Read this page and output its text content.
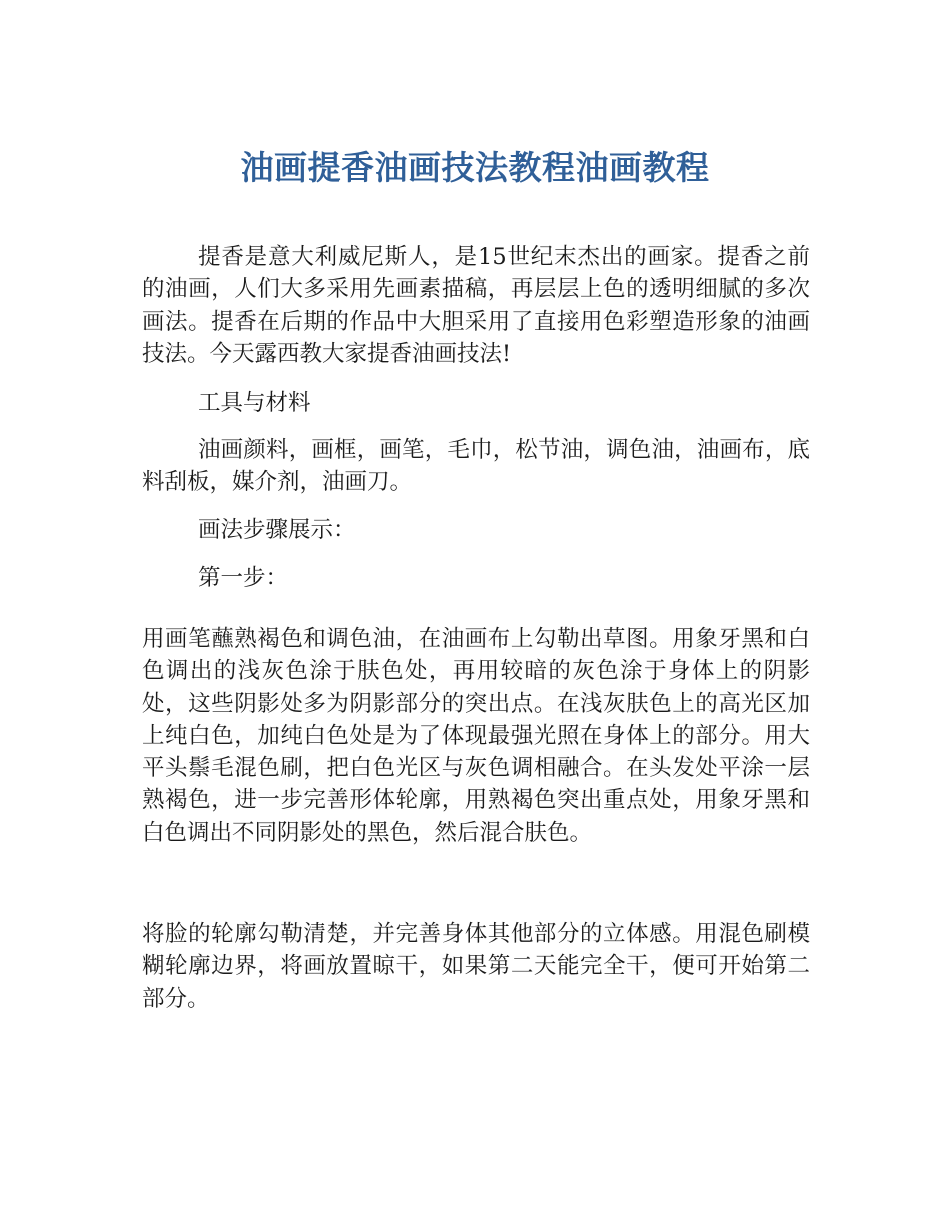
油画提香油画技法教程油画教程

提香是意大利威尼斯人，是15世纪末杰出的画家。提香之前的油画，人们大多采用先画素描稿，再层层上色的透明细腻的多次画法。提香在后期的作品中大胆采用了直接用色彩塑造形象的油画技法。今天露西教大家提香油画技法!

工具与材料

油画颜料，画框，画笔，毛巾，松节油，调色油，油画布，底料刮板，媒介剂，油画刀。

画法步骤展示：

第一步：

用画笔蘸熟褐色和调色油，在油画布上勾勒出草图。用象牙黑和白色调出的浅灰色涂于肤色处，再用较暗的灰色涂于身体上的阴影处，这些阴影处多为阴影部分的突出点。在浅灰肤色上的高光区加上纯白色，加纯白色处是为了体现最强光照在身体上的部分。用大平头鬃毛混色刷，把白色光区与灰色调相融合。在头发处平涂一层熟褐色，进一步完善形体轮廓，用熟褐色突出重点处，用象牙黑和白色调出不同阴影处的黑色，然后混合肤色。

将脸的轮廓勾勒清楚，并完善身体其他部分的立体感。用混色刷模糊轮廓边界，将画放置晾干，如果第二天能完全干，便可开始第二部分。
